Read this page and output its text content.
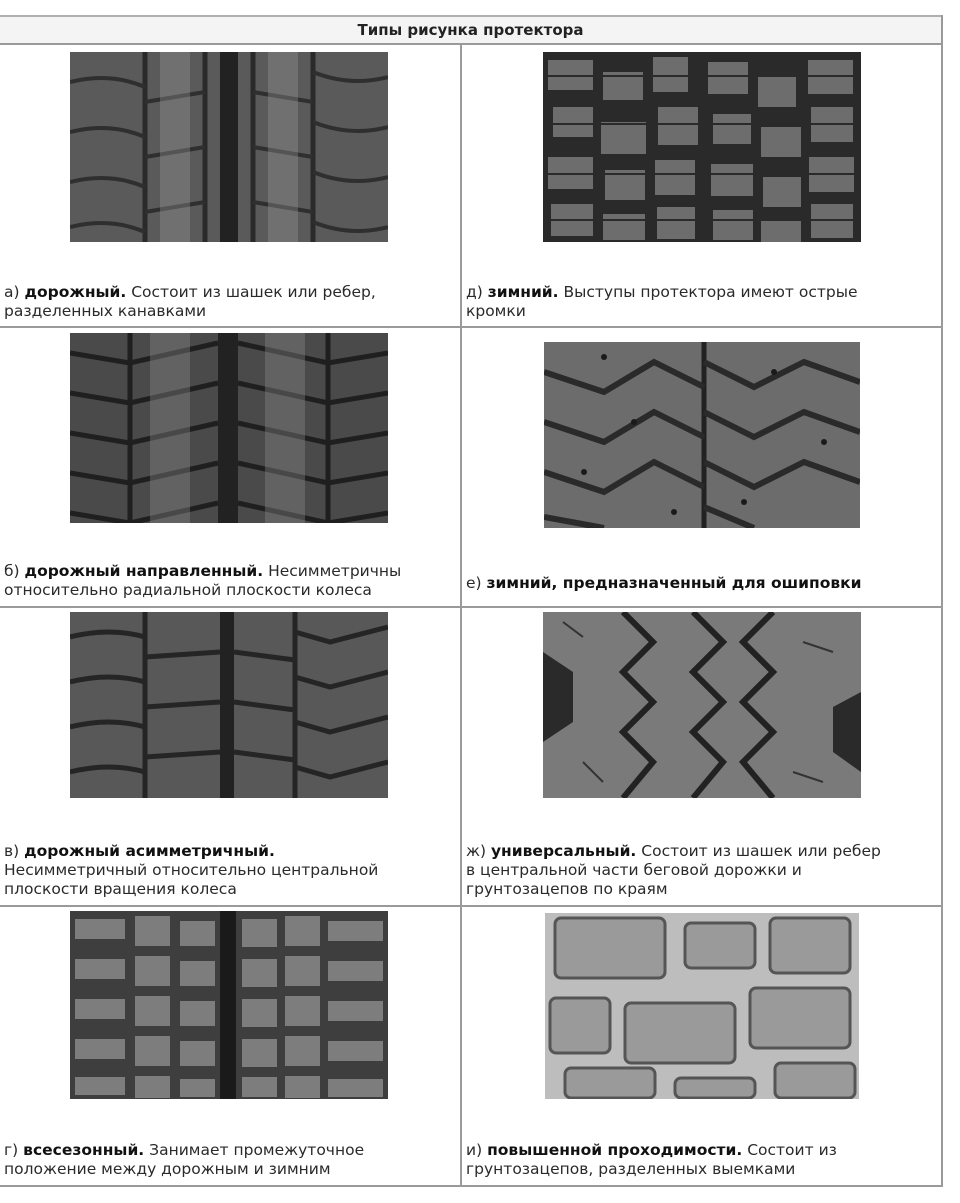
Типы рисунка протектора
а) дорожный. Состоит из шашек или ребер,
разделенных канавками
д) зимний. Выступы протектора имеют острые
кромки
б) дорожный направленный. Несимметричны
относительно радиальной плоскости колеса	е) зимний, предназначенный для ошиповки
в) дорожный асимметричный.
Несимметричный относительно центральной
плоскости вращения колеса
ж) универсальный. Состоит из шашек или ребер
в центральной части беговой дорожки и
грунтозацепов по краям
г) всесезонный. Занимает промежуточное
положение между дорожным и зимним
и) повышенной проходимости. Состоит из
грунтозацепов, разделенных выемками
